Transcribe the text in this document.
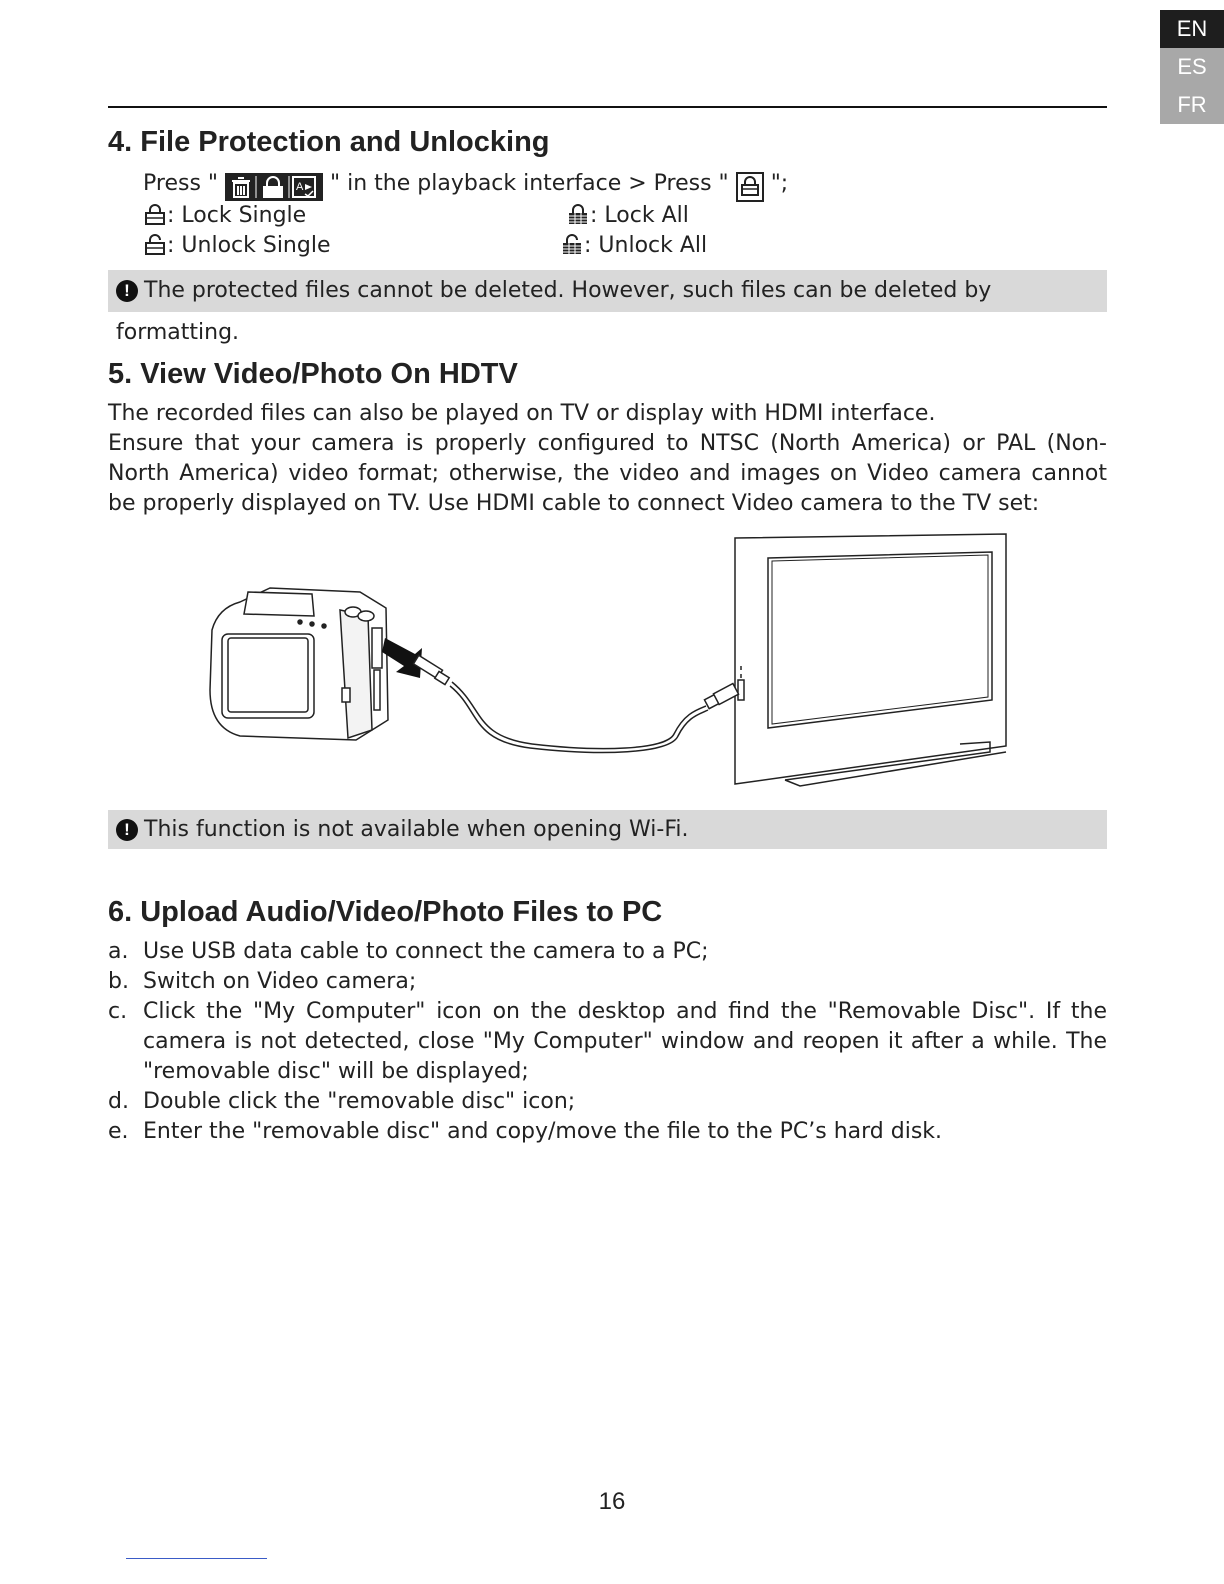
EN
ES
FR
4. File Protection and Unlocking
Press "	A " in the playback interface > Press " ";
: Lock Single	: Lock All
: Unlock Single	: Unlock All
! The protected files cannot be deleted. However, such files can be deleted by formatting.
5. View Video/Photo On HDTV

The recorded files can also be played on TV or display with HDMI interface.

Ensure that your camera is properly configured to NTSC (North America) or PAL (Non-North America) video format; otherwise, the video and images on Video camera cannot be properly displayed on TV. Use HDMI cable to connect Video camera to the TV set:

! This function is not available when opening Wi-Fi.
6. Upload Audio/Video/Photo Files to PC
a. Use USB data cable to connect the camera to a PC;
b. Switch on Video camera;
c. Click the "My Computer" icon on the desktop and find the "Removable Disc". If the camera is not detected, close "My Computer" window and reopen it after a while. The "removable disc" will be displayed;
d. Double click the "removable disc" icon;
e. Enter the "removable disc" and copy/move the file to the PC’s hard disk.
16
